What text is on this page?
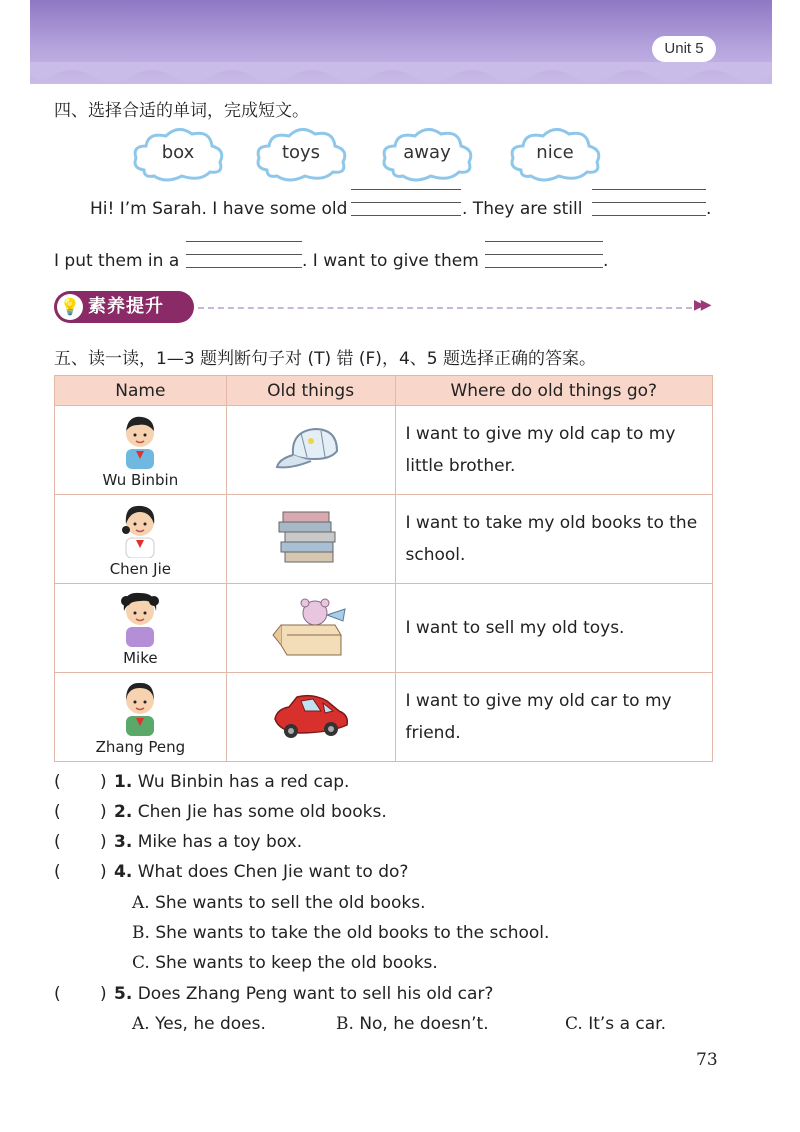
Unit 5
四、选择合适的单词，完成短文。
box	toys	away	nice
Hi! I’m Sarah. I have some old	. They are still	.
I put them in a	. I want to give them	.
💡 素养提升	▶▶
五、读一读，1—3 题判断句子对 (T) 错 (F)，4、5 题选择正确的答案。
Name	Old things	Where do old things go?

Wu Binbin		I want to give my old cap to my little brother.

Chen Jie		I want to take my old books to the school.

Mike		I want to sell my old toys.

Zhang Peng		I want to give my old car to my friend.
( ) 1. Wu Binbin has a red cap.
( ) 2. Chen Jie has some old books.
( ) 3. Mike has a toy box.
( ) 4. What does Chen Jie want to do?
A. She wants to sell the old books.
B. She wants to take the old books to the school.
C. She wants to keep the old books.
( ) 5. Does Zhang Peng want to sell his old car?
A. Yes, he does.	B. No, he doesn’t.	C. It’s a car.
73
